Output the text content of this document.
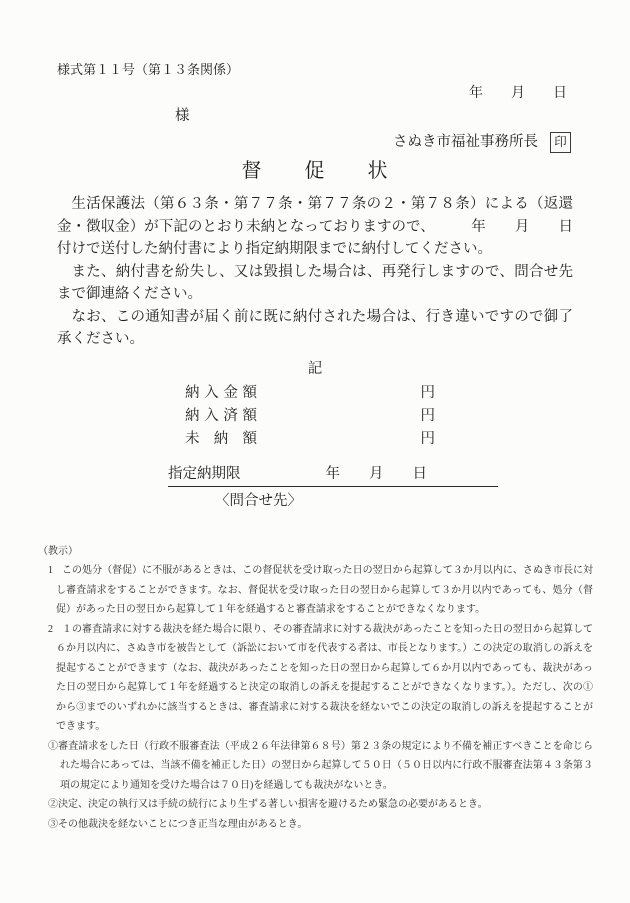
様式第１１号（第１３条関係）
年　　月　　日
様
さぬき市福祉事務所長	印
督　　促　　状

生活保護法（第６３条・第７７条・第７７条の２・第７８条）による（返還金・徴収金）が下記のとおり未納となっておりますので、　　　年　　月　　日付けで送付した納付書により指定納期限までに納付してください。

また、納付書を紛失し、又は毀損した場合は、再発行しますので、問合せ先まで御連絡ください。

なお、この通知書が届く前に既に納付された場合は、行き違いですので御了承ください。

記
納入金額	円
納入済額	円
未納額	円
指定納期限	年　　月　　日
〈問合せ先〉

（教示）

1 この処分（督促）に不服があるときは、この督促状を受け取った日の翌日から起算して３か月以内に、さぬき市長に対し審査請求をすることができます。なお、督促状を受け取った日の翌日から起算して３か月以内であっても、処分（督促）があった日の翌日から起算して１年を経過すると審査請求をすることができなくなります。

2 １の審査請求に対する裁決を経た場合に限り、その審査請求に対する裁決があったことを知った日の翌日から起算して６か月以内に、さぬき市を被告として（訴訟において市を代表する者は、市長となります。）この決定の取消しの訴えを提起することができます（なお、裁決があったことを知った日の翌日から起算して６か月以内であっても、裁決があった日の翌日から起算して１年を経過すると決定の取消しの訴えを提起することができなくなります。）。ただし、次の①から③までのいずれかに該当するときは、審査請求に対する裁決を経ないでこの決定の取消しの訴えを提起することができます。

①審査請求をした日（行政不服審査法（平成２６年法律第６８号）第２３条の規定により不備を補正すべきことを命じられた場合にあっては、当該不備を補正した日）の翌日から起算して５０日（５０日以内に行政不服審査法第４３条第３項の規定により通知を受けた場合は７０日)を経過しても裁決がないとき。

②決定、決定の執行又は手続の続行により生ずる著しい損害を避けるため緊急の必要があるとき。

③その他裁決を経ないことにつき正当な理由があるとき。
